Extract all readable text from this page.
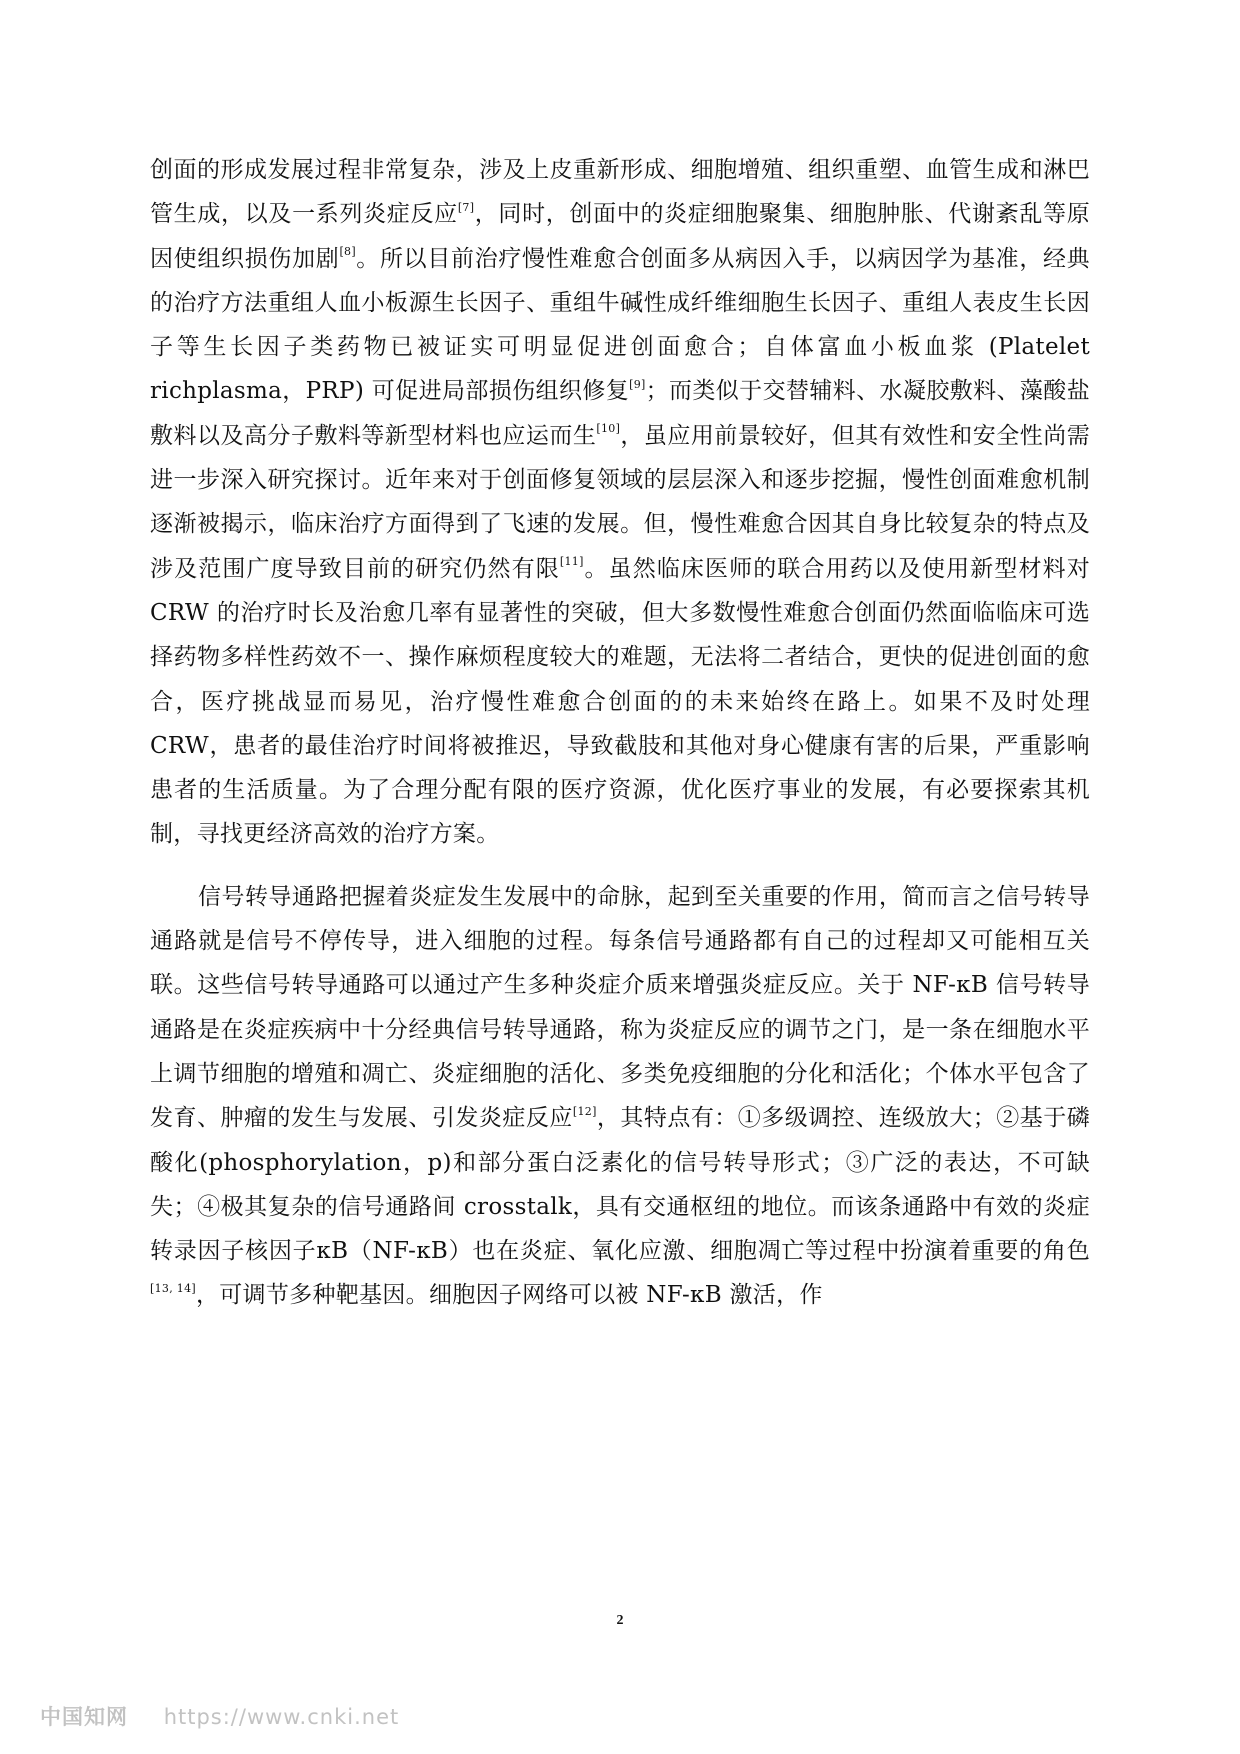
创面的形成发展过程非常复杂，涉及上皮重新形成、细胞增殖、组织重塑、血管生成和淋巴管生成，以及一系列炎症反应[7]，同时，创面中的炎症细胞聚集、细胞肿胀、代谢紊乱等原因使组织损伤加剧[8]。所以目前治疗慢性难愈合创面多从病因入手，以病因学为基准，经典的治疗方法重组人血小板源生长因子、重组牛碱性成纤维细胞生长因子、重组人表皮生长因子等生长因子类药物已被证实可明显促进创面愈合；自体富血小板血浆 (Platelet richplasma，PRP) 可促进局部损伤组织修复[9]；而类似于交替辅料、水凝胶敷料、藻酸盐敷料以及高分子敷料等新型材料也应运而生[10]，虽应用前景较好，但其有效性和安全性尚需进一步深入研究探讨。近年来对于创面修复领域的层层深入和逐步挖掘，慢性创面难愈机制逐渐被揭示，临床治疗方面得到了飞速的发展。但，慢性难愈合因其自身比较复杂的特点及涉及范围广度导致目前的研究仍然有限[11]。虽然临床医师的联合用药以及使用新型材料对 CRW 的治疗时长及治愈几率有显著性的突破，但大多数慢性难愈合创面仍然面临临床可选择药物多样性药效不一、操作麻烦程度较大的难题，无法将二者结合，更快的促进创面的愈合，医疗挑战显而易见，治疗慢性难愈合创面的的未来始终在路上。如果不及时处理 CRW，患者的最佳治疗时间将被推迟，导致截肢和其他对身心健康有害的后果，严重影响患者的生活质量。为了合理分配有限的医疗资源，优化医疗事业的发展，有必要探索其机制，寻找更经济高效的治疗方案。

信号转导通路把握着炎症发生发展中的命脉，起到至关重要的作用，简而言之信号转导通路就是信号不停传导，进入细胞的过程。每条信号通路都有自己的过程却又可能相互关联。这些信号转导通路可以通过产生多种炎症介质来增强炎症反应。关于 NF-κB 信号转导通路是在炎症疾病中十分经典信号转导通路，称为炎症反应的调节之门，是一条在细胞水平上调节细胞的增殖和凋亡、炎症细胞的活化、多类免疫细胞的分化和活化；个体水平包含了发育、肿瘤的发生与发展、引发炎症反应[12]，其特点有：①多级调控、连级放大；②基于磷酸化(phosphorylation，p)和部分蛋白泛素化的信号转导形式；③广泛的表达，不可缺失；④极其复杂的信号通路间 crosstalk，具有交通枢纽的地位。而该条通路中有效的炎症转录因子核因子κB（NF-κB）也在炎症、氧化应激、细胞凋亡等过程中扮演着重要的角色[13, 14]，可调节多种靶基因。细胞因子网络可以被 NF-κB 激活，作

2
中国知网 https://www.cnki.net
